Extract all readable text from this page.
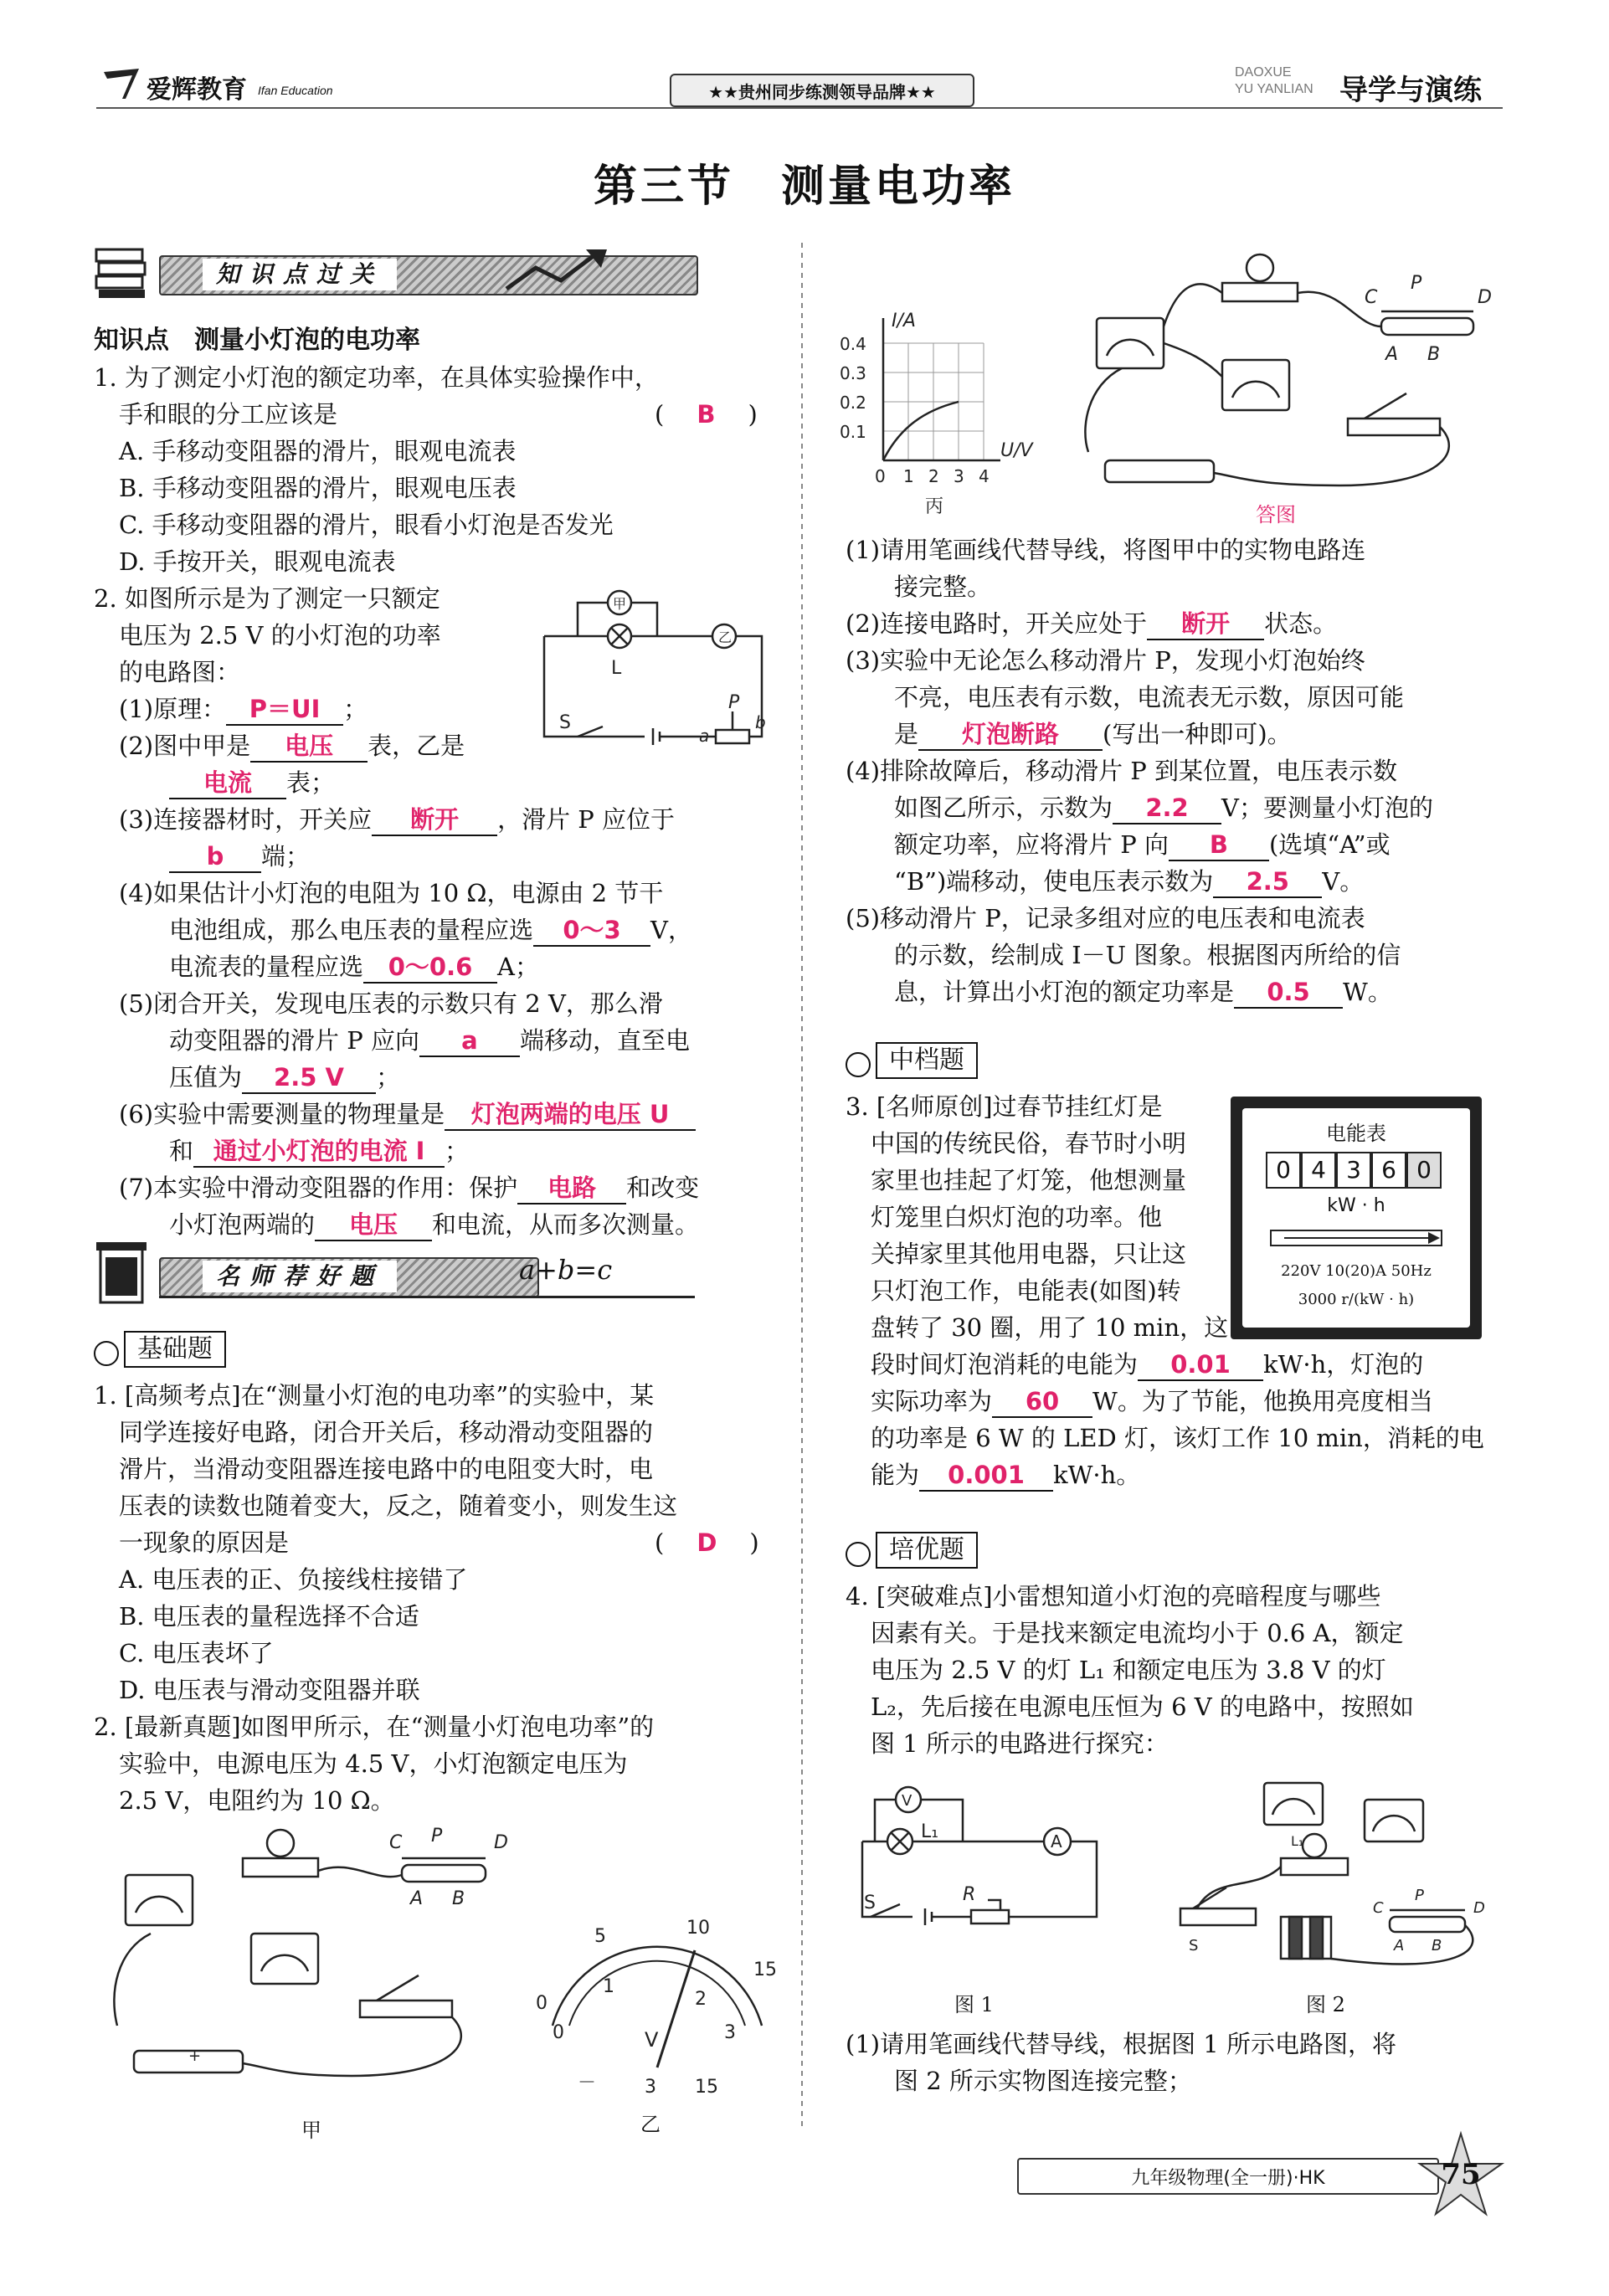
爱辉教育 Ifan Education	★★贵州同步练测领导品牌★★
DAOXUE
YU YANLIAN 导学与演练
第三节　测量电功率
知识点过关

知识点　测量小灯泡的电功率

1. 为了测定小灯泡的额定功率，在具体实验操作中，

手和眼的分工应该是	(　B　)

A. 手移动变阻器的滑片，眼观电流表

B. 手移动变阻器的滑片，眼观电压表

C. 手移动变阻器的滑片，眼看小灯泡是否发光

D. 手按开关，眼观电流表

2. 如图所示是为了测定一只额定

电压为 2.5 V 的小灯泡的功率

的电路图：

(1)原理： P＝UI ；

(2)图中甲是 电压 表，乙是

电流 表；

(3)连接器材时，开关应 断开 ，滑片 P 应位于

b 端；

(4)如果估计小灯泡的电阻为 10 Ω，电源由 2 节干

电池组成，那么电压表的量程应选 0～3 V，

电流表的量程应选 0～0.6 A；

(5)闭合开关，发现电压表的示数只有 2 V，那么滑

动变阻器的滑片 P 应向 a 端移动，直至电

压值为 2.5 V ；

(6)实验中需要测量的物理量是 灯泡两端的电压 U

和 通过小灯泡的电流 I ；

(7)本实验中滑动变阻器的作用：保护 电路 和改变

小灯泡两端的 电压 和电流，从而多次测量。

甲
乙
L
S
P
a
b
名师荐好题	a+b=c
基础题

1. [高频考点]在“测量小灯泡的电功率”的实验中，某

同学连接好电路，闭合开关后，移动滑动变阻器的

滑片，当滑动变阻器连接电路中的电阻变大时，电

压表的读数也随着变大，反之，随着变小，则发生这

一现象的原因是	(　D　)

A. 电压表的正、负接线柱接错了

B. 电压表的量程选择不合适

C. 电压表坏了

D. 电压表与滑动变阻器并联

2. [最新真题]如图甲所示，在“测量小灯泡电功率”的

实验中，电源电压为 4.5 V，小灯泡额定电压为

2.5 V，电阻约为 10 Ω。

C P	D
A B
+
甲
0
5	10
15
0
1
2
3
V
3 15
－
乙
I/A
U/V
0.4
0.3
0.2
0.1
0 1 2 3 4
丙
C
P
D
A B
答图

(1)请用笔画线代替导线，将图甲中的实物电路连

接完整。

(2)连接电路时，开关应处于 断开 状态。

(3)实验中无论怎么移动滑片 P，发现小灯泡始终

不亮，电压表有示数，电流表无示数，原因可能

是 灯泡断路 (写出一种即可)。

(4)排除故障后，移动滑片 P 到某位置，电压表示数

如图乙所示，示数为 2.2 V；要测量小灯泡的

额定功率，应将滑片 P 向 B (选填“A”或

“B”)端移动，使电压表示数为 2.5 V。

(5)移动滑片 P，记录多组对应的电压表和电流表

的示数，绘制成 I－U 图象。根据图丙所给的信

息，计算出小灯泡的额定功率是 0.5 W。

中档题

3. [名师原创]过春节挂红灯是

中国的传统民俗，春节时小明

家里也挂起了灯笼，他想测量

灯笼里白炽灯泡的功率。他

关掉家里其他用电器，只让这

只灯泡工作，电能表(如图)转

盘转了 30 圈，用了 10 min，这

段时间灯泡消耗的电能为 0.01 kW·h，灯泡的

实际功率为 60 W。为了节能，他换用亮度相当

的功率是 6 W 的 LED 灯，该灯工作 10 min，消耗的电

能为 0.001 kW·h。

电能表
0 4 3 6 0
kW · h
220V 10(20)A 50Hz
3000 r/(kW · h)
培优题

4. [突破难点]小雷想知道小灯泡的亮暗程度与哪些

因素有关。于是找来额定电流均小于 0.6 A，额定

电压为 2.5 V 的灯 L₁ 和额定电压为 3.8 V 的灯

L₂，先后接在电源电压恒为 6 V 的电路中，按照如

图 1 所示的电路进行探究：

V
A
L₁
S	R
图 1
L₁
S
C
P
D
A B
图 2

(1)请用笔画线代替导线，根据图 1 所示电路图，将

图 2 所示实物图连接完整；

九年级物理(全一册)·HK	75
